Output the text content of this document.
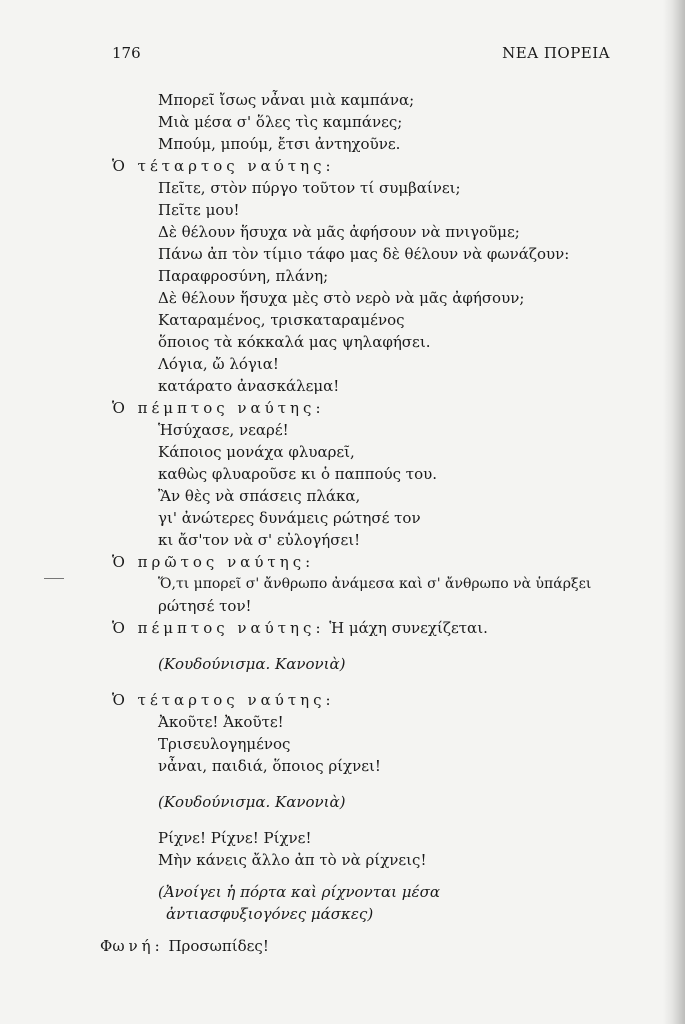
176	ΝΕΑ ΠΟΡΕΙΑ
Μπορεῖ ἴσως νἆναι μιὰ καμπάνα;
Μιὰ μέσα σ' ὅλες τὶς καμπάνες;
Μπούμ, μπούμ, ἔτσι ἀντηχοῦνε.
Ὁ τέταρτος ναύτης:
Πεῖτε, στὸν πύργο τοῦτον τί συμβαίνει;
Πεῖτε μου!
Δὲ θέλουν ἥσυχα νὰ μᾶς ἀφήσουν νὰ πνιγοῦμε;
Πάνω ἀπ τὸν τίμιο τάφο μας δὲ θέλουν νὰ φωνάζουν:
Παραφροσύνη, πλάνη;
Δὲ θέλουν ἥσυχα μὲς στὸ νερὸ νὰ μᾶς ἀφήσουν;
Καταραμένος, τρισκαταραμένος
ὅποιος τὰ κόκκαλά μας ψηλαφήσει.
Λόγια, ὤ λόγια!
κατάρατο ἀνασκάλεμα!
Ὁ πέμπτος ναύτης:
Ἡσύχασε, νεαρέ!
Κάποιος μονάχα φλυαρεῖ,
καθὼς φλυαροῦσε κι ὁ παππούς του.
Ἂν θὲς νὰ σπάσεις πλάκα,
γι' ἀνώτερες δυνάμεις ρώτησέ τον
κι ἄσ'τον νὰ σ' εὐλογήσει!
Ὁ πρῶτος ναύτης:
Ὅ,τι μπορεῖ σ' ἄνθρωπο ἀνάμεσα καὶ σ' ἄνθρωπο νὰ ὑπάρξει
ρώτησέ τον!
Ὁ πέμπτος ναύτης: Ἡ μάχη συνεχίζεται.
(Κουδούνισμα. Κανονιὰ)
Ὁ τέταρτος ναύτης:
Ἀκοῦτε! Ἀκοῦτε!
Τρισευλογημένος
νἆναι, παιδιά, ὅποιος ρίχνει!
(Κουδούνισμα. Κανονιὰ)
Ρίχνε! Ρίχνε! Ρίχνε!
Μὴν κάνεις ἄλλο ἀπ τὸ νὰ ρίχνεις!
(Ἀνοίγει ἡ πόρτα καὶ ρίχνονται μέσα
ἀντιασφυξιογόνες μάσκες)
Φωνή: Προσωπίδες!
